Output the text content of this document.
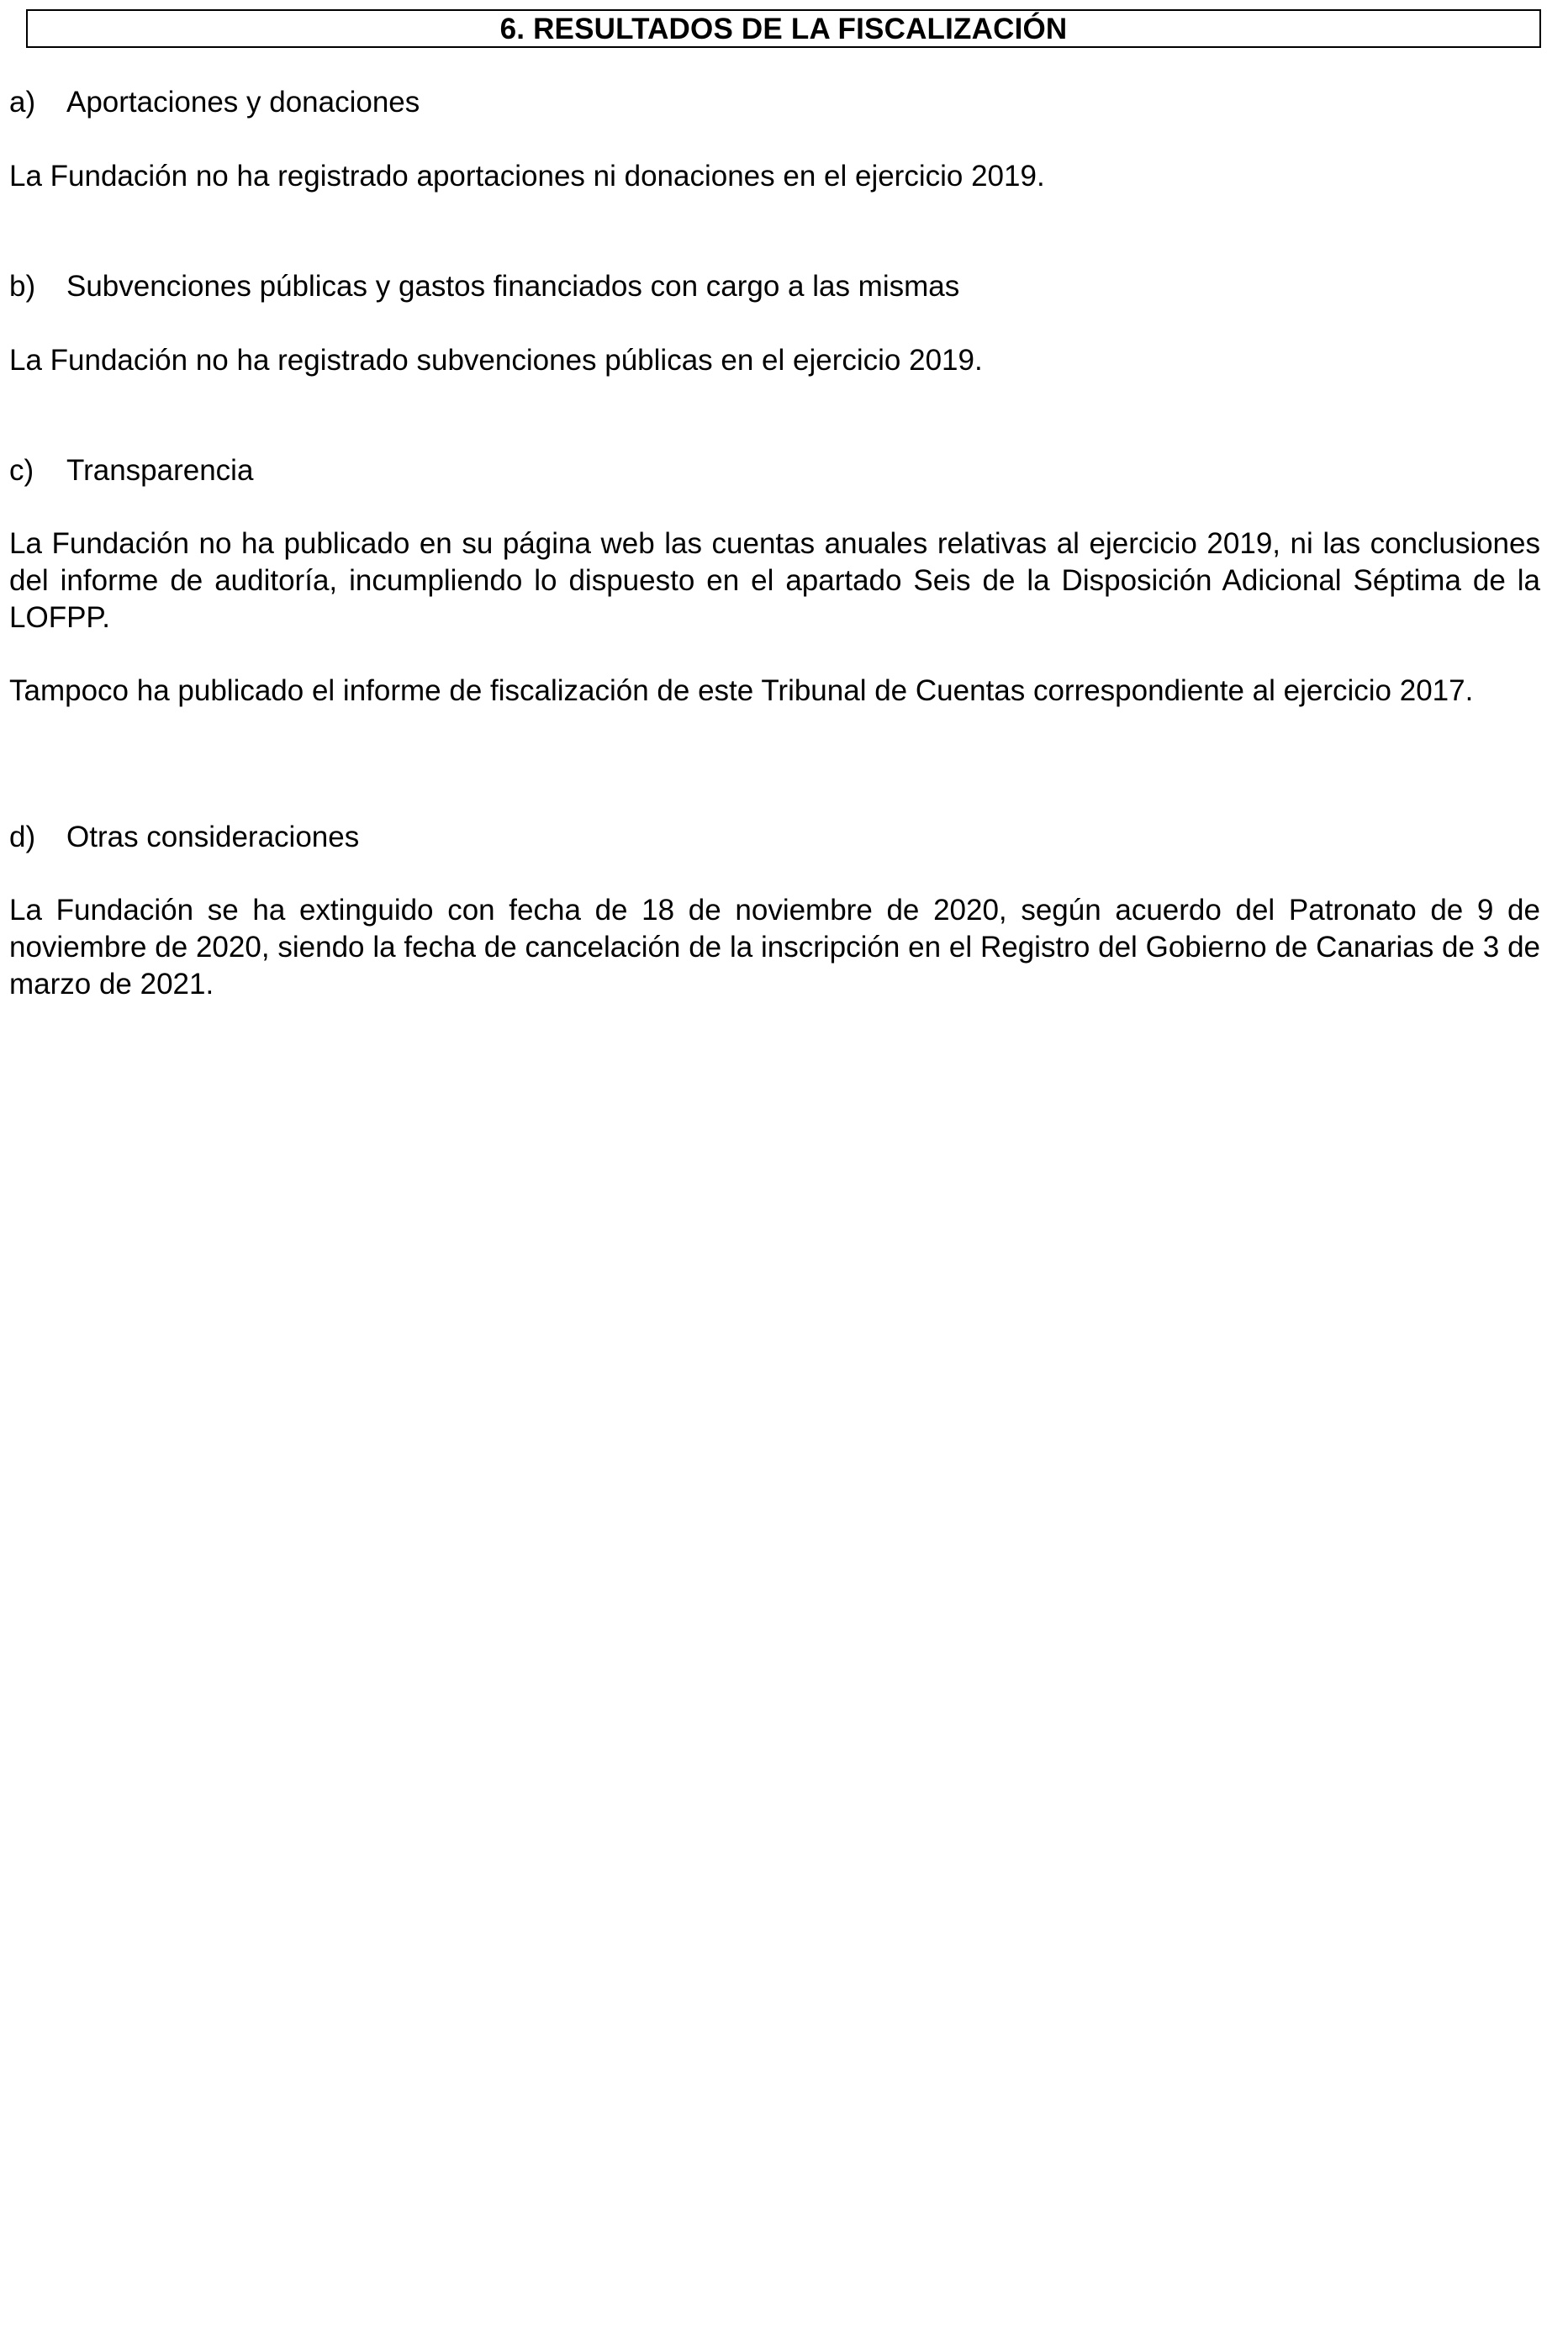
6. RESULTADOS DE LA FISCALIZACIÓN
a) Aportaciones y donaciones
La Fundación no ha registrado aportaciones ni donaciones en el ejercicio 2019.
b) Subvenciones públicas y gastos financiados con cargo a las mismas
La Fundación no ha registrado subvenciones públicas en el ejercicio 2019.
c) Transparencia
La Fundación no ha publicado en su página web las cuentas anuales relativas al ejercicio 2019, ni las conclusiones del informe de auditoría, incumpliendo lo dispuesto en el apartado Seis de la Disposición Adicional Séptima de la LOFPP.
Tampoco ha publicado el informe de fiscalización de este Tribunal de Cuentas correspondiente al ejercicio 2017.
d) Otras consideraciones
La Fundación se ha extinguido con fecha de 18 de noviembre de 2020, según acuerdo del Patronato de 9 de noviembre de 2020, siendo la fecha de cancelación de la inscripción en el Registro del Gobierno de Canarias de 3 de marzo de 2021.
